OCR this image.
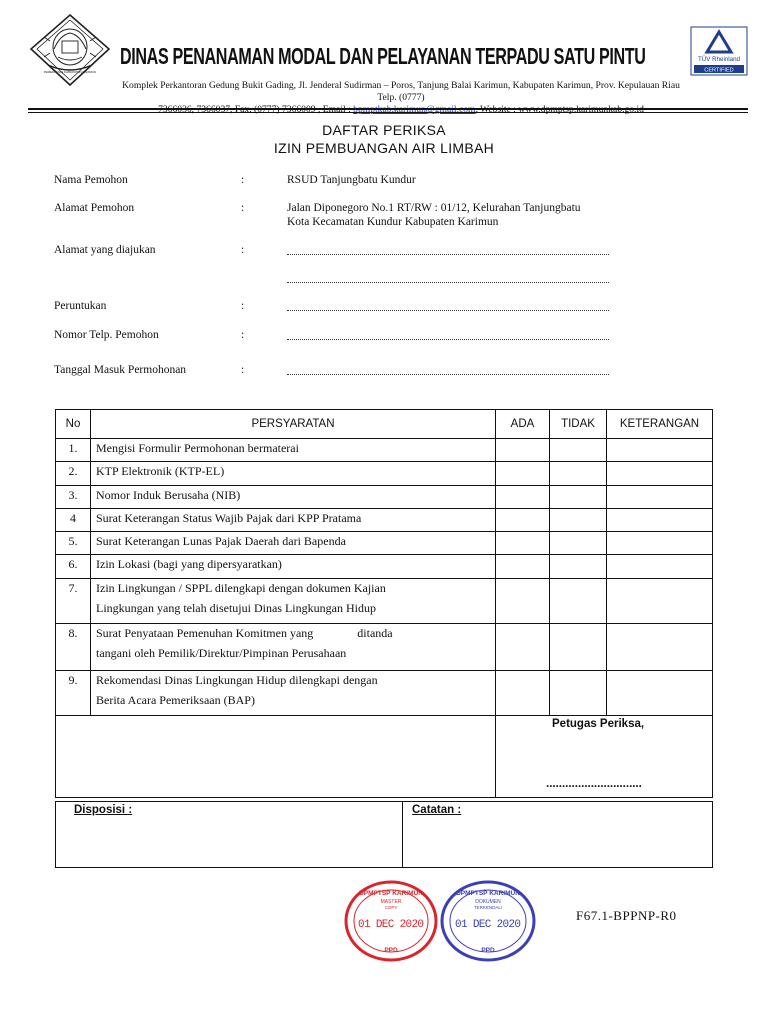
PEMERINTAH KABUPATEN KARIMUN
DINAS PENANAMAN MODAL DAN PELAYANAN TERPADU SATU PINTU
Komplek Perkantoran Gedung Bukit Gading, Jl. Jenderal Sudirman – Poros, Tanjung Balai Karimun, Kabupaten Karimun, Prov. Kepulauan Riau Telp. (0777)
7366036, 7366037, Fax. (0777) 7366009 , Email : bpmptkab.karimun@gmail.com, Website : www.dpmptsp.karimunkab.go.id
TÜV Rheinland
CERTIFIED
DAFTAR PERIKSA
IZIN PEMBUANGAN AIR LIMBAH
Nama Pemohon	:	RSUD Tanjungbatu Kundur
Alamat Pemohon	:	Jalan Diponegoro No.1 RT/RW : 01/12, Kelurahan Tanjungbatu
Kota Kecamatan Kundur Kabupaten Karimun
Alamat yang diajukan	:
Peruntukan	:
Nomor Telp. Pemohon	:
Tanggal Masuk Permohonan	:
No	PERSYARATAN	ADA	TIDAK	KETERANGAN
1.	Mengisi Formulir Permohonan bermaterai			
2.	KTP Elektronik (KTP-EL)			
3.	Nomor Induk Berusaha (NIB)			
4	Surat Keterangan Status Wajib Pajak dari KPP Pratama			
5.	Surat Keterangan Lunas Pajak Daerah dari Bapenda			
6.	Izin Lokasi (bagi yang dipersyaratkan)			
7.	Izin Lingkungan / SPPL dilengkapi dengan dokumen Kajian
Lingkungan yang telah disetujui Dinas Lingkungan Hidup			

8.	Surat Penyataan Pemenuhan Komitmen yang ditanda
tangani oleh Pemilik/Direktur/Pimpinan Perusahaan			

9.	Rekomendasi Dinas Lingkungan Hidup dilengkapi dengan
Berita Acara Pemeriksaan (BAP)			

		Petugas Periksa,
..............................		
Disposisi :	Catatan :
DPMPTSP KARIMUN
MASTER
COPY
01 DEC 2020
PPD
DPMPTSP KARIMUN
DOKUMEN
TERKENDALI
01 DEC 2020
PPD
F67.1-BPPNP-R0
